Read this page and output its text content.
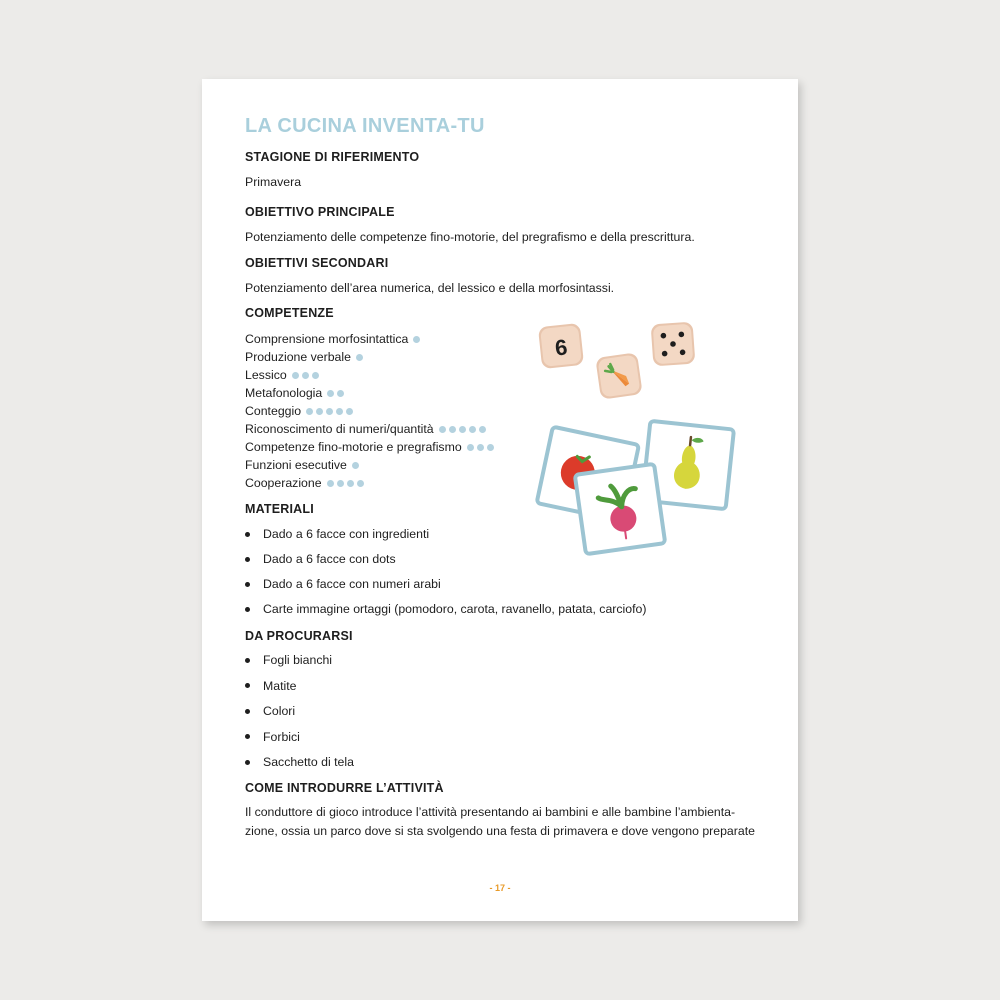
LA CUCINA INVENTA-TU
STAGIONE DI RIFERIMENTO
Primavera
OBIETTIVO PRINCIPALE
Potenziamento delle competenze fino-motorie, del pregrafismo e della prescrittura.
OBIETTIVI SECONDARI
Potenziamento dell’area numerica, del lessico e della morfosintassi.
COMPETENZE
Comprensione morfosintattica
Produzione verbale
Lessico
Metafonologia
Conteggio
Riconoscimento di numeri/quantità
Competenze fino-motorie e pregrafismo
Funzioni esecutive
Cooperazione
MATERIALI
Dado a 6 facce con ingredienti
Dado a 6 facce con dots
Dado a 6 facce con numeri arabi
Carte immagine ortaggi (pomodoro, carota, ravanello, patata, carciofo)
DA PROCURARSI
Fogli bianchi
Matite
Colori
Forbici
Sacchetto di tela
COME INTRODURRE L’ATTIVITÀ
Il conduttore di gioco introduce l’attività presentando ai bambini e alle bambine l’ambienta-
zione, ossia un parco dove si sta svolgendo una festa di primavera e dove vengono preparate
- 17 -
6
